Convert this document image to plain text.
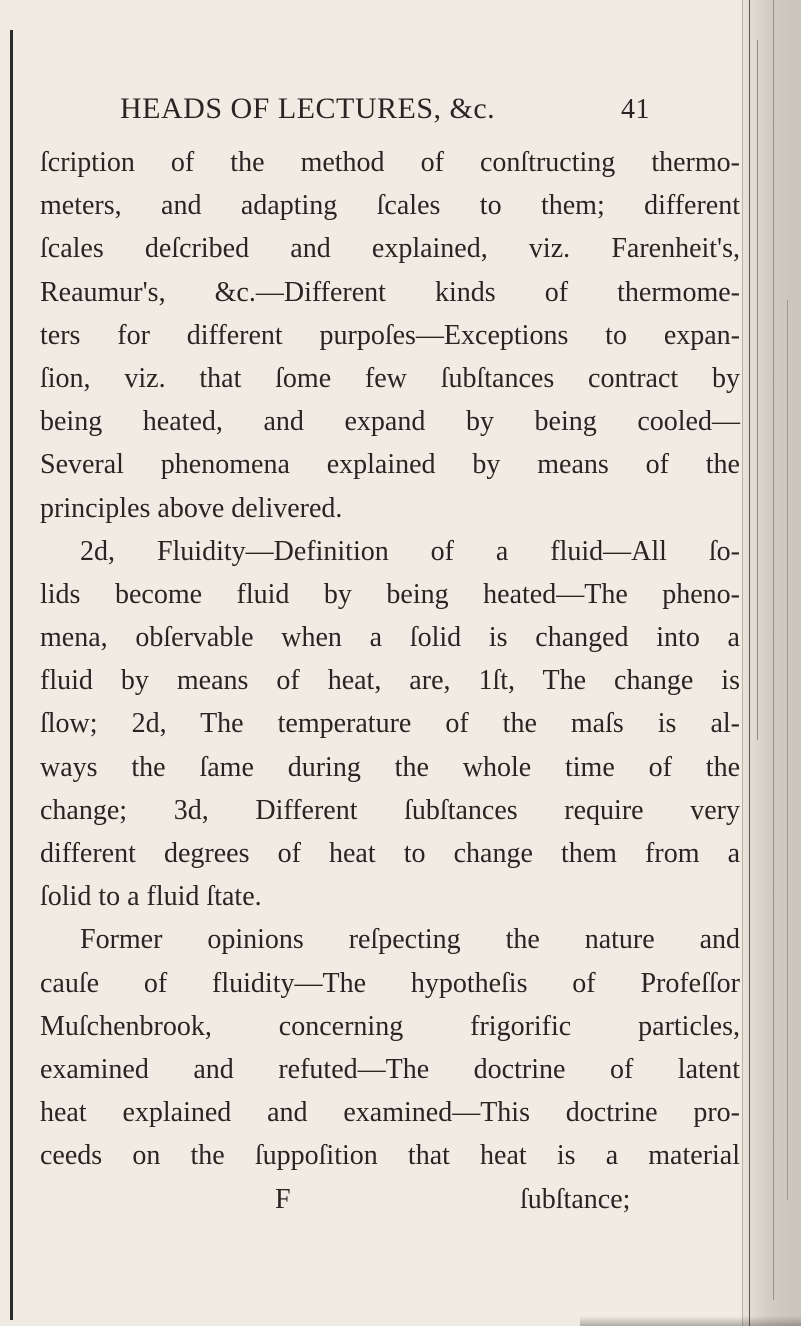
HEADS OF LECTURES, &c.	41
ſcription of the method of conſtructing thermo-
meters, and adapting ſcales to them; different
ſcales deſcribed and explained, viz. Farenheit's,
Reaumur's, &c.—Different kinds of thermome-
ters for different purpoſes—Exceptions to expan-
ſion, viz. that ſome few ſubſtances contract by
being heated, and expand by being cooled—
Several phenomena explained by means of the
principles above delivered.
2d, Fluidity—Definition of a fluid—All ſo-
lids become fluid by being heated—The pheno-
mena, obſervable when a ſolid is changed into a
fluid by means of heat, are, 1ſt, The change is
ſlow; 2d, The temperature of the maſs is al-
ways the ſame during the whole time of the
change; 3d, Different ſubſtances require very
different degrees of heat to change them from a
ſolid to a fluid ſtate.
Former opinions reſpecting the nature and
cauſe of fluidity—The hypotheſis of Profeſſor
Muſchenbrook, concerning frigorific particles,
examined and refuted—The doctrine of latent
heat explained and examined—This doctrine pro-
ceeds on the ſuppoſition that heat is a material
F	ſubſtance;
